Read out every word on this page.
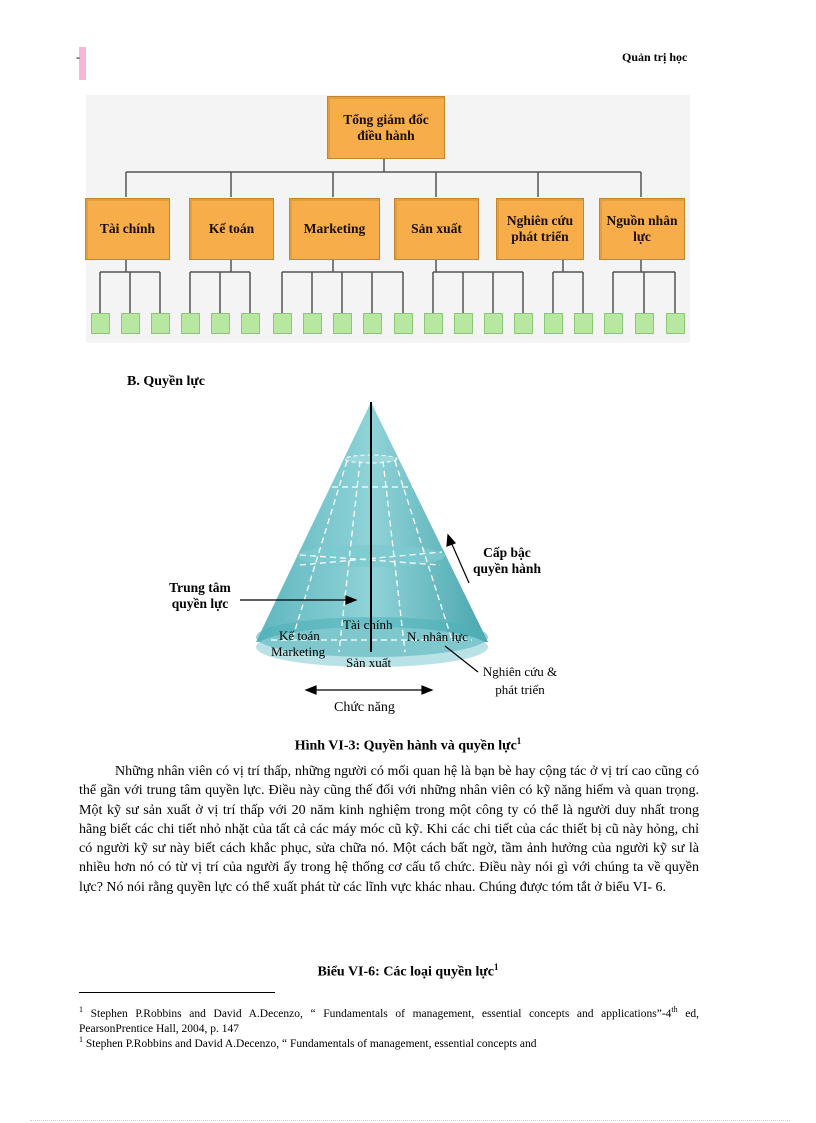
-	Quản trị học
Tổng giám đốc
điều hành
Tài chính	Kế toán	Marketing	Sản xuất
Nghiên cứu
phát triển
Nguồn nhân
lực
B. Quyền lực
Trung tâm
quyền lực
Cấp bậc
quyền hành
Tài chính
Kế toán	N. nhân lực
Marketing
Sản xuất
Nghiên cứu &
phát triển
Chức năng
Hình VI-3: Quyền hành và quyền lực$^1$
Những nhân viên có vị trí thấp, những người có mối quan hệ là bạn bè hay cộng tác ở vị trí cao cũng có thể gần với trung tâm quyền lực. Điều này cũng thế đối với những nhân viên có kỹ năng hiếm và quan trọng. Một kỹ sư sản xuất ở vị trí thấp với 20 năm kinh nghiệm trong một công ty có thể là người duy nhất trong hãng biết các chi tiết nhỏ nhặt của tất cả các máy móc cũ kỹ. Khi các chi tiết của các thiết bị cũ này hỏng, chỉ có người kỹ sư này biết cách khắc phục, sửa chữa nó. Một cách bất ngờ, tầm ảnh hưởng của người kỹ sư là nhiều hơn nó có từ vị trí của người ấy trong hệ thống cơ cấu tổ chức. Điều này nói gì với chúng ta về quyền lực? Nó nói rằng quyền lực có thể xuất phát từ các lĩnh vực khác nhau. Chúng được tóm tắt ở biểu VI- 6.
Biểu VI-6: Các loại quyền lực$^1$
$^1$ Stephen P.Robbins and David A.Decenzo, “ Fundamentals of management, essential concepts and applications”-4th ed, PearsonPrentice Hall, 2004, p. 147
$^1$ Stephen P.Robbins and David A.Decenzo, “ Fundamentals of management, essential concepts and
